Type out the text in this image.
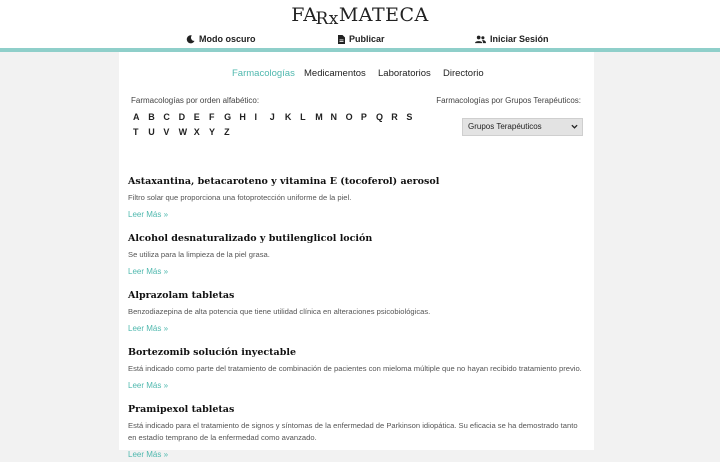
FARxMATECA
Modo oscuro	Publicar	Iniciar Sesión
Farmacologías Medicamentos Laboratorios Directorio
Farmacologías por orden alfabético:	Farmacologías por Grupos Terapéuticos:
Grupos Terapéuticos
A B C D E	F	G H I	J	K L	M N O P	Q R S
T	U V	W X	Y	Z
Astaxantina, betacaroteno y vitamina E (tocoferol) aerosol
Filtro solar que proporciona una fotoprotección uniforme de la piel.
Leer Más »
Alcohol desnaturalizado y butilenglicol loción
Se utiliza para la limpieza de la piel grasa.
Leer Más »
Alprazolam tabletas
Benzodiazepina de alta potencia que tiene utilidad clínica en alteraciones psicobiológicas.
Leer Más »
Bortezomib solución inyectable
Está indicado como parte del tratamiento de combinación de pacientes con mieloma múltiple que no hayan recibido tratamiento previo.
Leer Más »
Pramipexol tabletas
Está indicado para el tratamiento de signos y síntomas de la enfermedad de Parkinson idiopática. Su eficacia se ha demostrado tanto en estadío temprano de la enfermedad como avanzado.
Leer Más »
